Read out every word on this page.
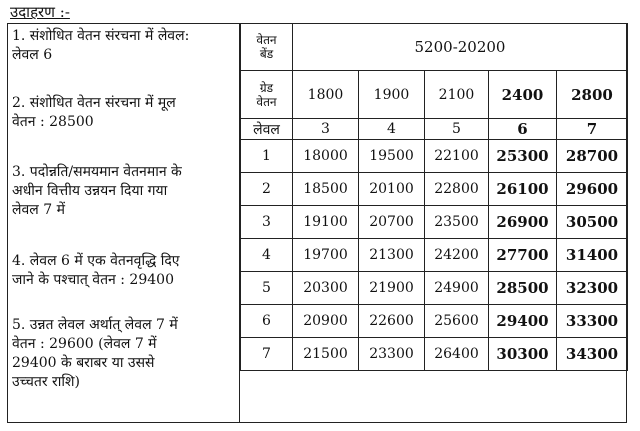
उदाहरण :-
1. संशोधित वेतन संरचना में लेवल:
लेवल 6
2. संशोधित वेतन संरचना में मूल
वेतन : 28500
3. पदोन्नति/समयमान वेतनमान के
अधीन वित्तीय उन्नयन दिया गया
लेवल 7 में
4. लेवल 6 में एक वेतनवृद्धि दिए
जाने के पश्चात् वेतन : 29400
5. उन्नत लेवल अर्थात् लेवल 7 में
वेतन : 29600 (लेवल 7 में
29400 के बराबर या उससे
उच्चतर राशि)
वेतन
बेंड	5200-20200				
ग्रेड
वेतन	1800	1900	2100	2400	2800
लेवल	3	4	5	6	7
1	18000	19500	22100	25300	28700
2	18500	20100	22800	26100	29600
3	19100	20700	23500	26900	30500
4	19700	21300	24200	27700	31400
5	20300	21900	24900	28500	32300
6	20900	22600	25600	29400	33300
7	21500	23300	26400	30300	34300
